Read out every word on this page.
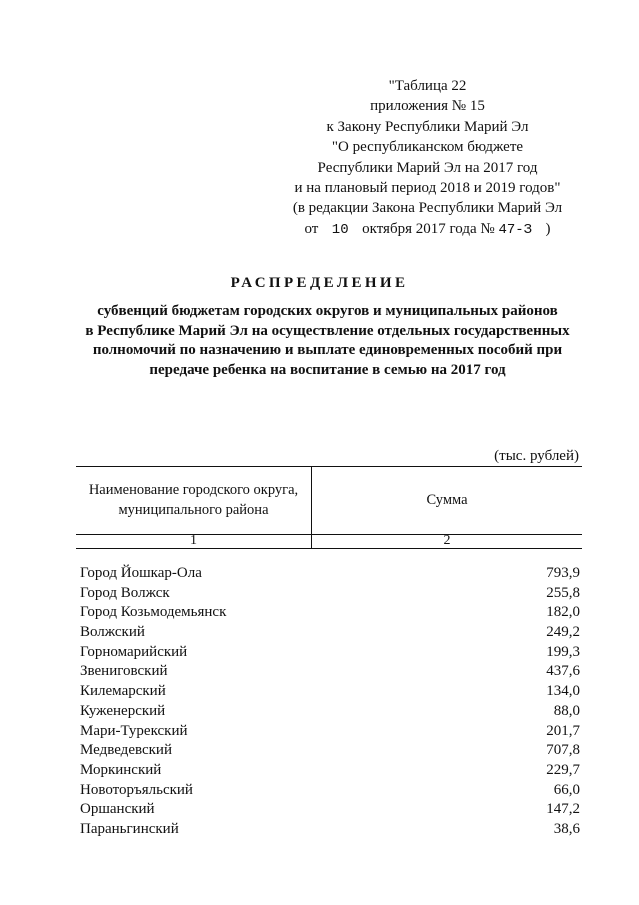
"Таблица 22
приложения № 15
к Закону Республики Марий Эл
"О республиканском бюджете
Республики Марий Эл на 2017 год
и на плановый период 2018 и 2019 годов"
(в редакции Закона Республики Марий Эл
от 10 октября 2017 года № 47-З )
РАСПРЕДЕЛЕНИЕ
субвенций бюджетам городских округов и муниципальных районов
в Республике Марий Эл на осуществление отдельных государственных
полномочий по назначению и выплате единовременных пособий при
передаче ребенка на воспитание в семью на 2017 год
(тыс. рублей)
Наименование городского округа,
муниципального района
Сумма
1	2
Город Йошкар-Ола	793,9
Город Волжск	255,8
Город Козьмодемьянск	182,0
Волжский	249,2
Горномарийский	199,3
Звениговский	437,6
Килемарский	134,0
Куженерский	88,0
Мари-Турекский	201,7
Медведевский	707,8
Моркинский	229,7
Новоторъяльский	66,0
Оршанский	147,2
Параньгинский	38,6
